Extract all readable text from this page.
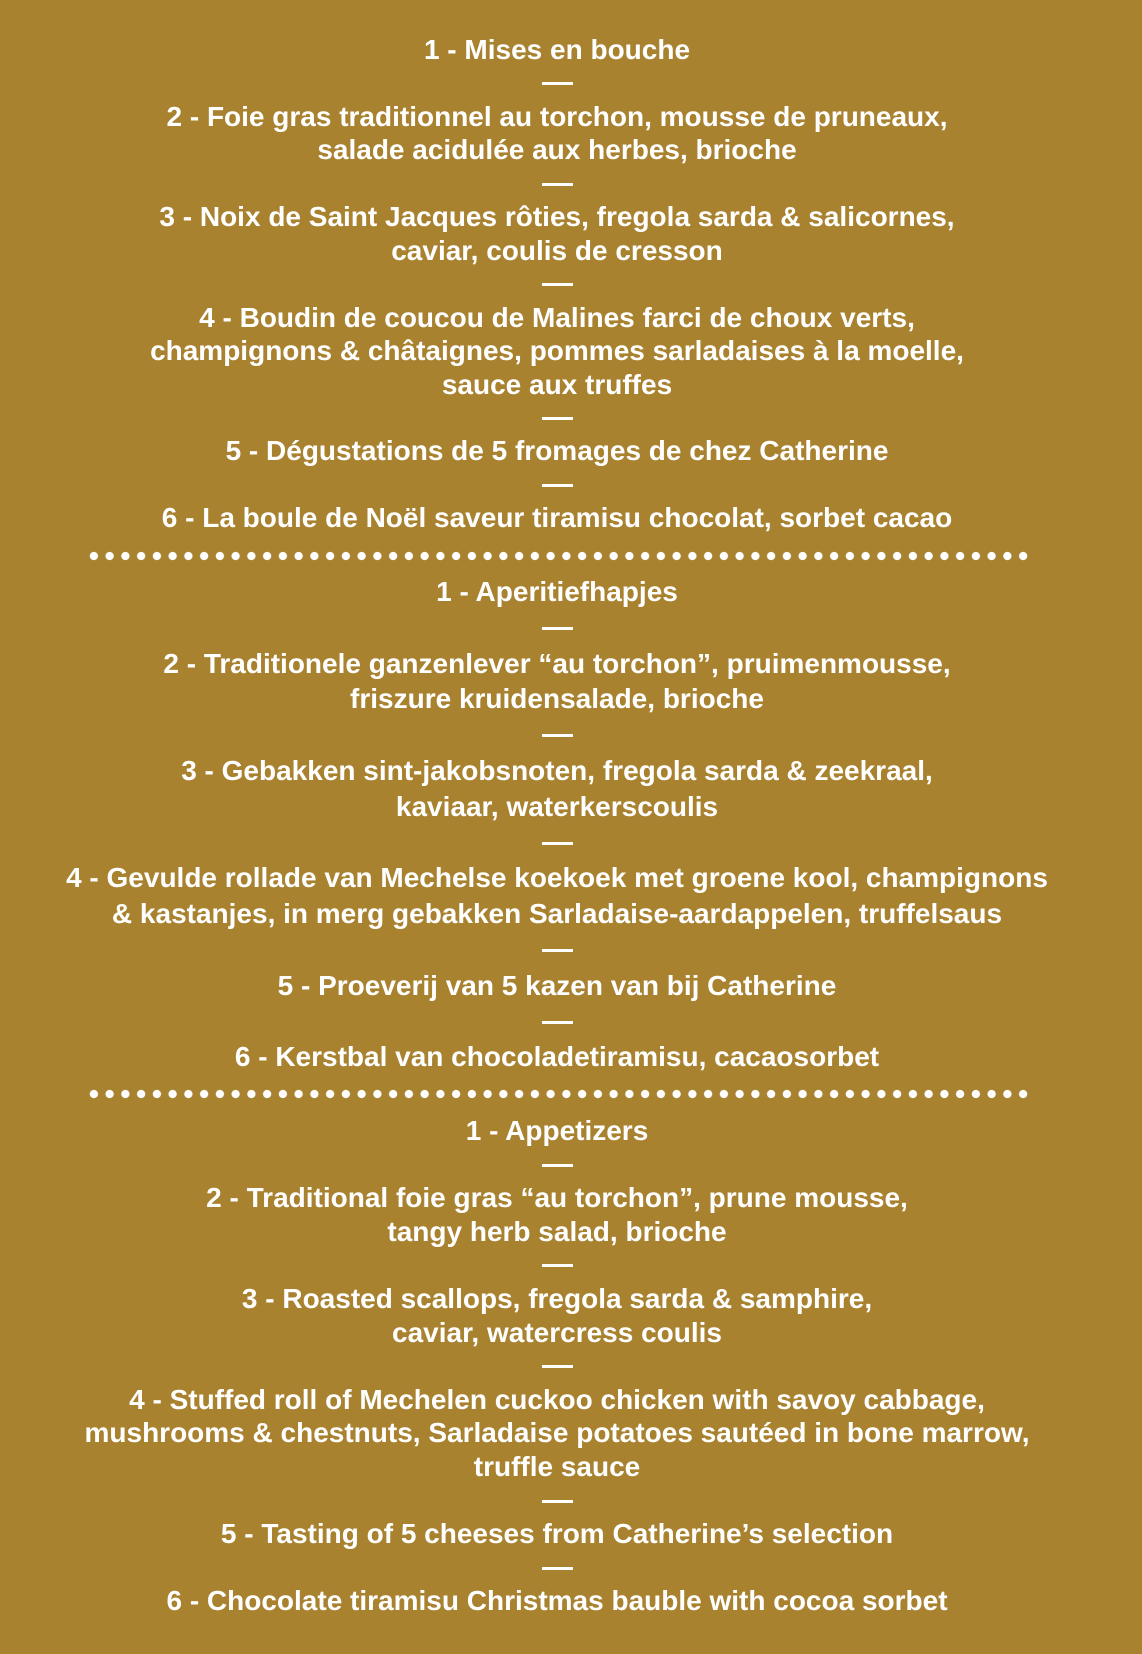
1 - Mises en bouche
2 - Foie gras traditionnel au torchon, mousse de pruneaux,
salade acidulée aux herbes, brioche
3 - Noix de Saint Jacques rôties, fregola sarda & salicornes,
caviar, coulis de cresson
4 - Boudin de coucou de Malines farci de choux verts,
champignons & châtaignes, pommes sarladaises à la moelle,
sauce aux truffes
5 - Dégustations de 5 fromages de chez Catherine
6 - La boule de Noël saveur tiramisu chocolat, sorbet cacao
1 - Aperitiefhapjes
2 - Traditionele ganzenlever “au torchon”, pruimenmousse,
friszure kruidensalade, brioche
3 - Gebakken sint-jakobsnoten, fregola sarda & zeekraal,
kaviaar, waterkerscoulis
4 - Gevulde rollade van Mechelse koekoek met groene kool, champignons
& kastanjes, in merg gebakken Sarladaise-aardappelen, truffelsaus
5 - Proeverij van 5 kazen van bij Catherine
6 - Kerstbal van chocoladetiramisu, cacaosorbet
1 - Appetizers
2 - Traditional foie gras “au torchon”, prune mousse,
tangy herb salad, brioche
3 - Roasted scallops, fregola sarda & samphire,
caviar, watercress coulis
4 - Stuffed roll of Mechelen cuckoo chicken with savoy cabbage,
mushrooms & chestnuts, Sarladaise potatoes sautéed in bone marrow,
truffle sauce
5 - Tasting of 5 cheeses from Catherine’s selection
6 - Chocolate tiramisu Christmas bauble with cocoa sorbet
